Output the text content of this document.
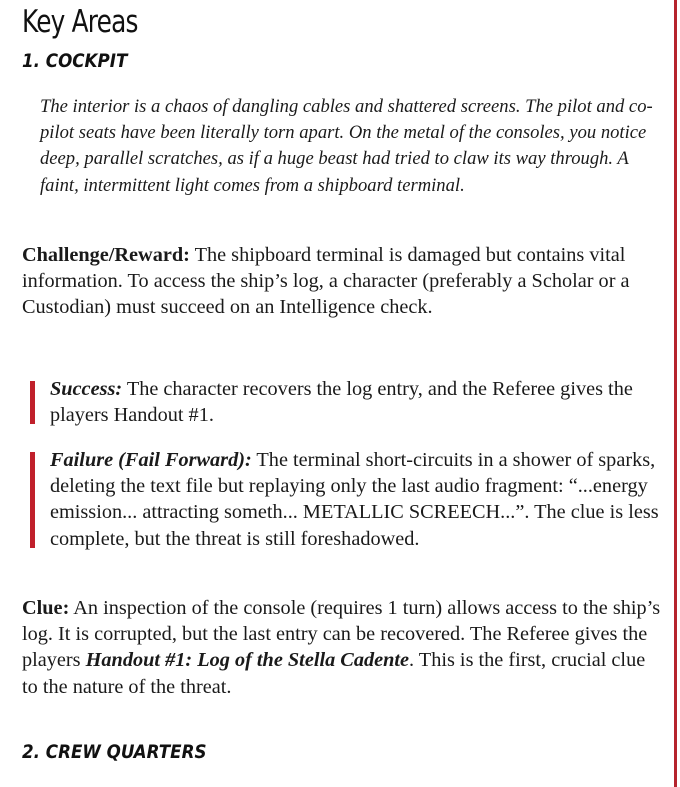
Key Areas
1. COCKPIT

The interior is a chaos of dangling cables and shattered screens. The pilot and co-pilot seats have been literally torn apart. On the metal of the consoles, you notice deep, parallel scratches, as if a huge beast had tried to claw its way through. A faint, intermittent light comes from a shipboard terminal.

Challenge/Reward: The shipboard terminal is damaged but contains vital information. To access the ship’s log, a character (preferably a Scholar or a Custodian) must succeed on an Intelligence check.

Success: The character recovers the log entry, and the Referee gives the players Handout #1.

Failure (Fail Forward): The terminal short-circuits in a shower of sparks, deleting the text file but replaying only the last audio fragment: “...energy emission... attracting someth... METALLIC SCREECH...”. The clue is less complete, but the threat is still foreshadowed.

Clue: An inspection of the console (requires 1 turn) allows access to the ship’s log. It is corrupted, but the last entry can be recovered. The Referee gives the players Handout #1: Log of the Stella Cadente. This is the first, crucial clue to the nature of the threat.

2. CREW QUARTERS
